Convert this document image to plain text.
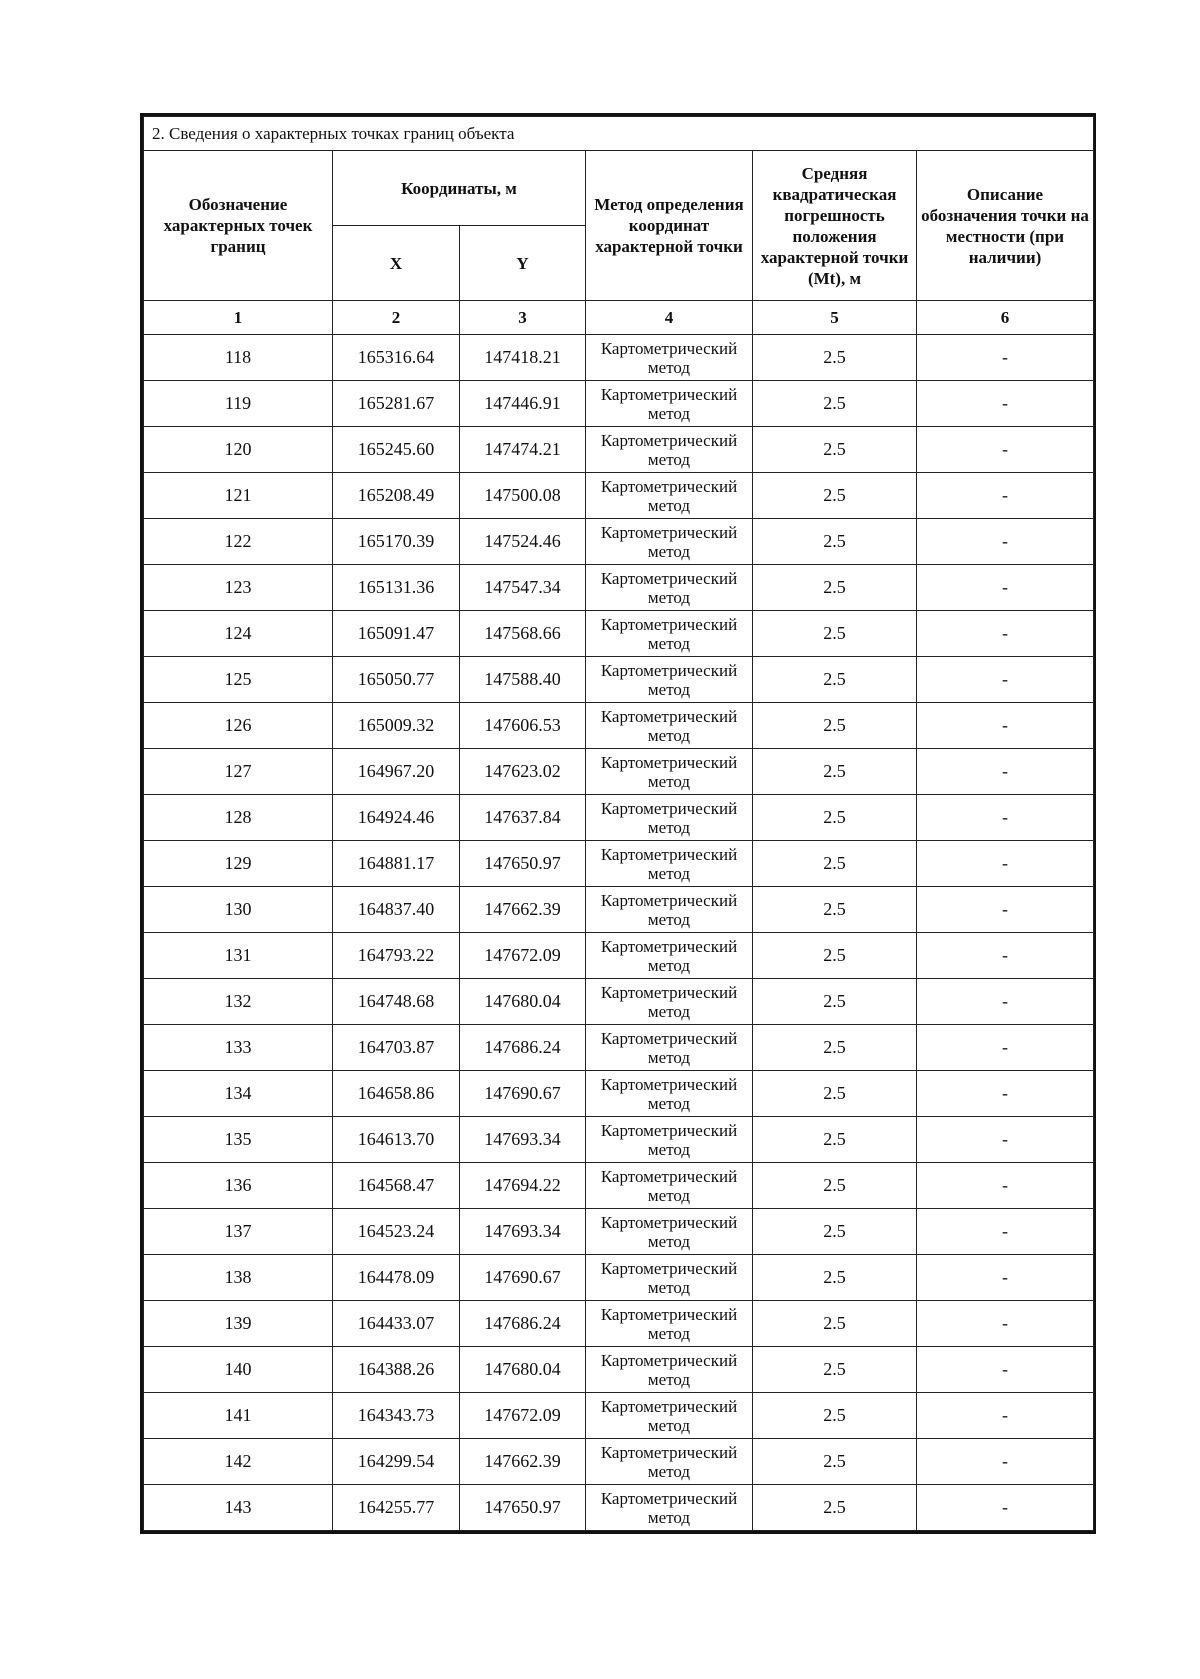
2. Сведения о характерных точках границ объекта					
Обозначение характерных точек границ	Координаты, м		Метод определения координат характерной точки	Средняя квадратическая погрешность положения характерной точки (Mt), м	Описание обозначения точки на местности (при наличии)
	X	Y			
1	2	3	4	5	6
118	165316.64	147418.21	Картометрический метод	2.5	-
119	165281.67	147446.91	Картометрический метод	2.5	-
120	165245.60	147474.21	Картометрический метод	2.5	-
121	165208.49	147500.08	Картометрический метод	2.5	-
122	165170.39	147524.46	Картометрический метод	2.5	-
123	165131.36	147547.34	Картометрический метод	2.5	-
124	165091.47	147568.66	Картометрический метод	2.5	-
125	165050.77	147588.40	Картометрический метод	2.5	-
126	165009.32	147606.53	Картометрический метод	2.5	-
127	164967.20	147623.02	Картометрический метод	2.5	-
128	164924.46	147637.84	Картометрический метод	2.5	-
129	164881.17	147650.97	Картометрический метод	2.5	-
130	164837.40	147662.39	Картометрический метод	2.5	-
131	164793.22	147672.09	Картометрический метод	2.5	-
132	164748.68	147680.04	Картометрический метод	2.5	-
133	164703.87	147686.24	Картометрический метод	2.5	-
134	164658.86	147690.67	Картометрический метод	2.5	-
135	164613.70	147693.34	Картометрический метод	2.5	-
136	164568.47	147694.22	Картометрический метод	2.5	-
137	164523.24	147693.34	Картометрический метод	2.5	-
138	164478.09	147690.67	Картометрический метод	2.5	-
139	164433.07	147686.24	Картометрический метод	2.5	-
140	164388.26	147680.04	Картометрический метод	2.5	-
141	164343.73	147672.09	Картометрический метод	2.5	-
142	164299.54	147662.39	Картометрический метод	2.5	-
143	164255.77	147650.97	Картометрический метод	2.5	-
